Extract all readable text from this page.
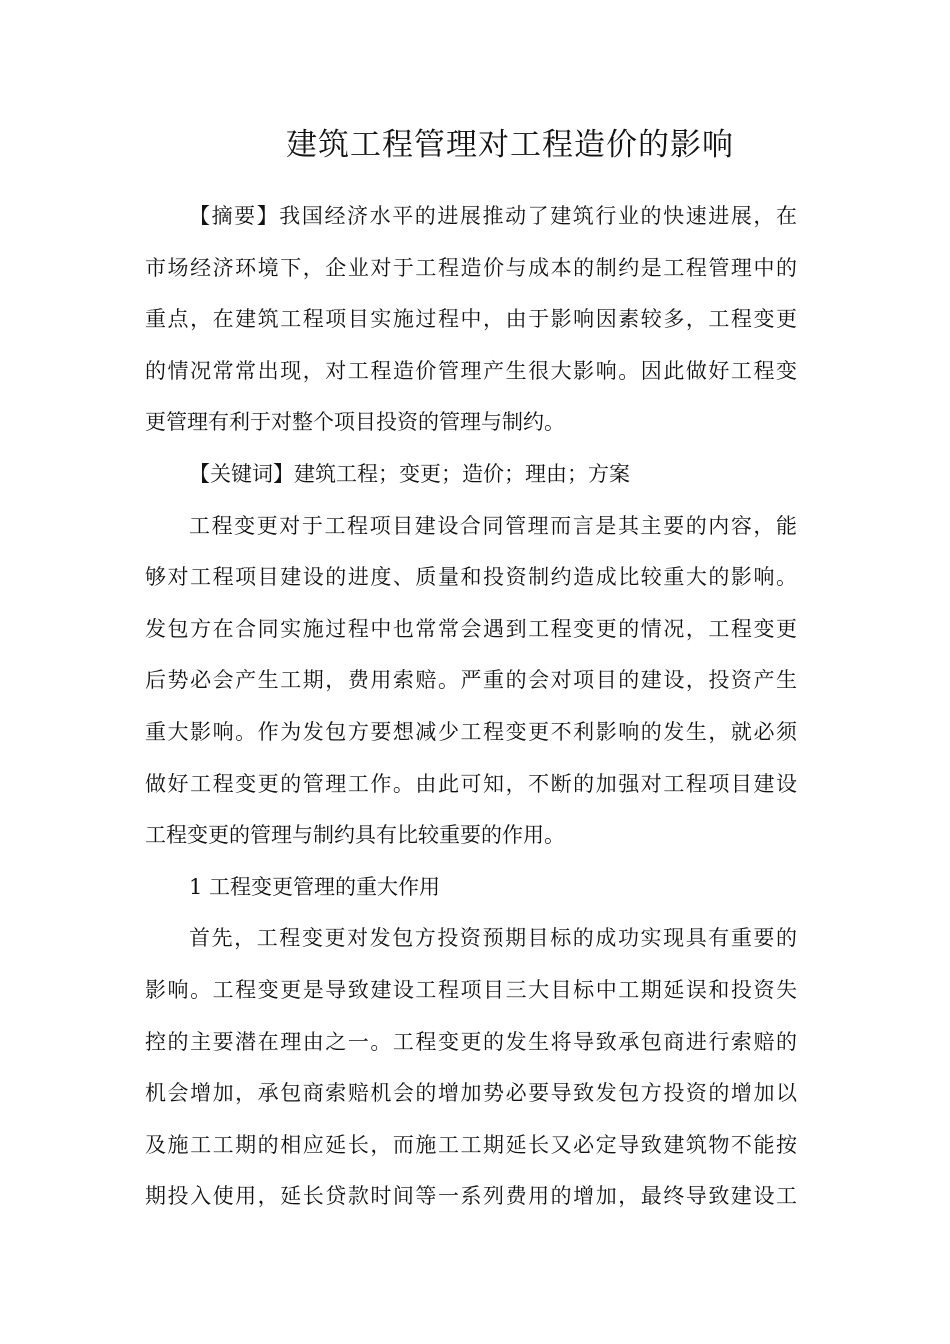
建筑工程管理对工程造价的影响
【摘要】我国经济水平的进展推动了建筑行业的快速进展，在
市场经济环境下，企业对于工程造价与成本的制约是工程管理中的
重点，在建筑工程项目实施过程中，由于影响因素较多，工程变更
的情况常常出现，对工程造价管理产生很大影响。因此做好工程变
更管理有利于对整个项目投资的管理与制约。
【关键词】建筑工程；变更；造价；理由；方案
工程变更对于工程项目建设合同管理而言是其主要的内容，能
够对工程项目建设的进度、质量和投资制约造成比较重大的影响。
发包方在合同实施过程中也常常会遇到工程变更的情况，工程变更
后势必会产生工期，费用索赔。严重的会对项目的建设，投资产生
重大影响。作为发包方要想减少工程变更不利影响的发生，就必须
做好工程变更的管理工作。由此可知，不断的加强对工程项目建设
工程变更的管理与制约具有比较重要的作用。
1 工程变更管理的重大作用
首先，工程变更对发包方投资预期目标的成功实现具有重要的
影响。工程变更是导致建设工程项目三大目标中工期延误和投资失
控的主要潜在理由之一。工程变更的发生将导致承包商进行索赔的
机会增加，承包商索赔机会的增加势必要导致发包方投资的增加以
及施工工期的相应延长，而施工工期延长又必定导致建筑物不能按
期投入使用，延长贷款时间等一系列费用的增加，最终导致建设工
